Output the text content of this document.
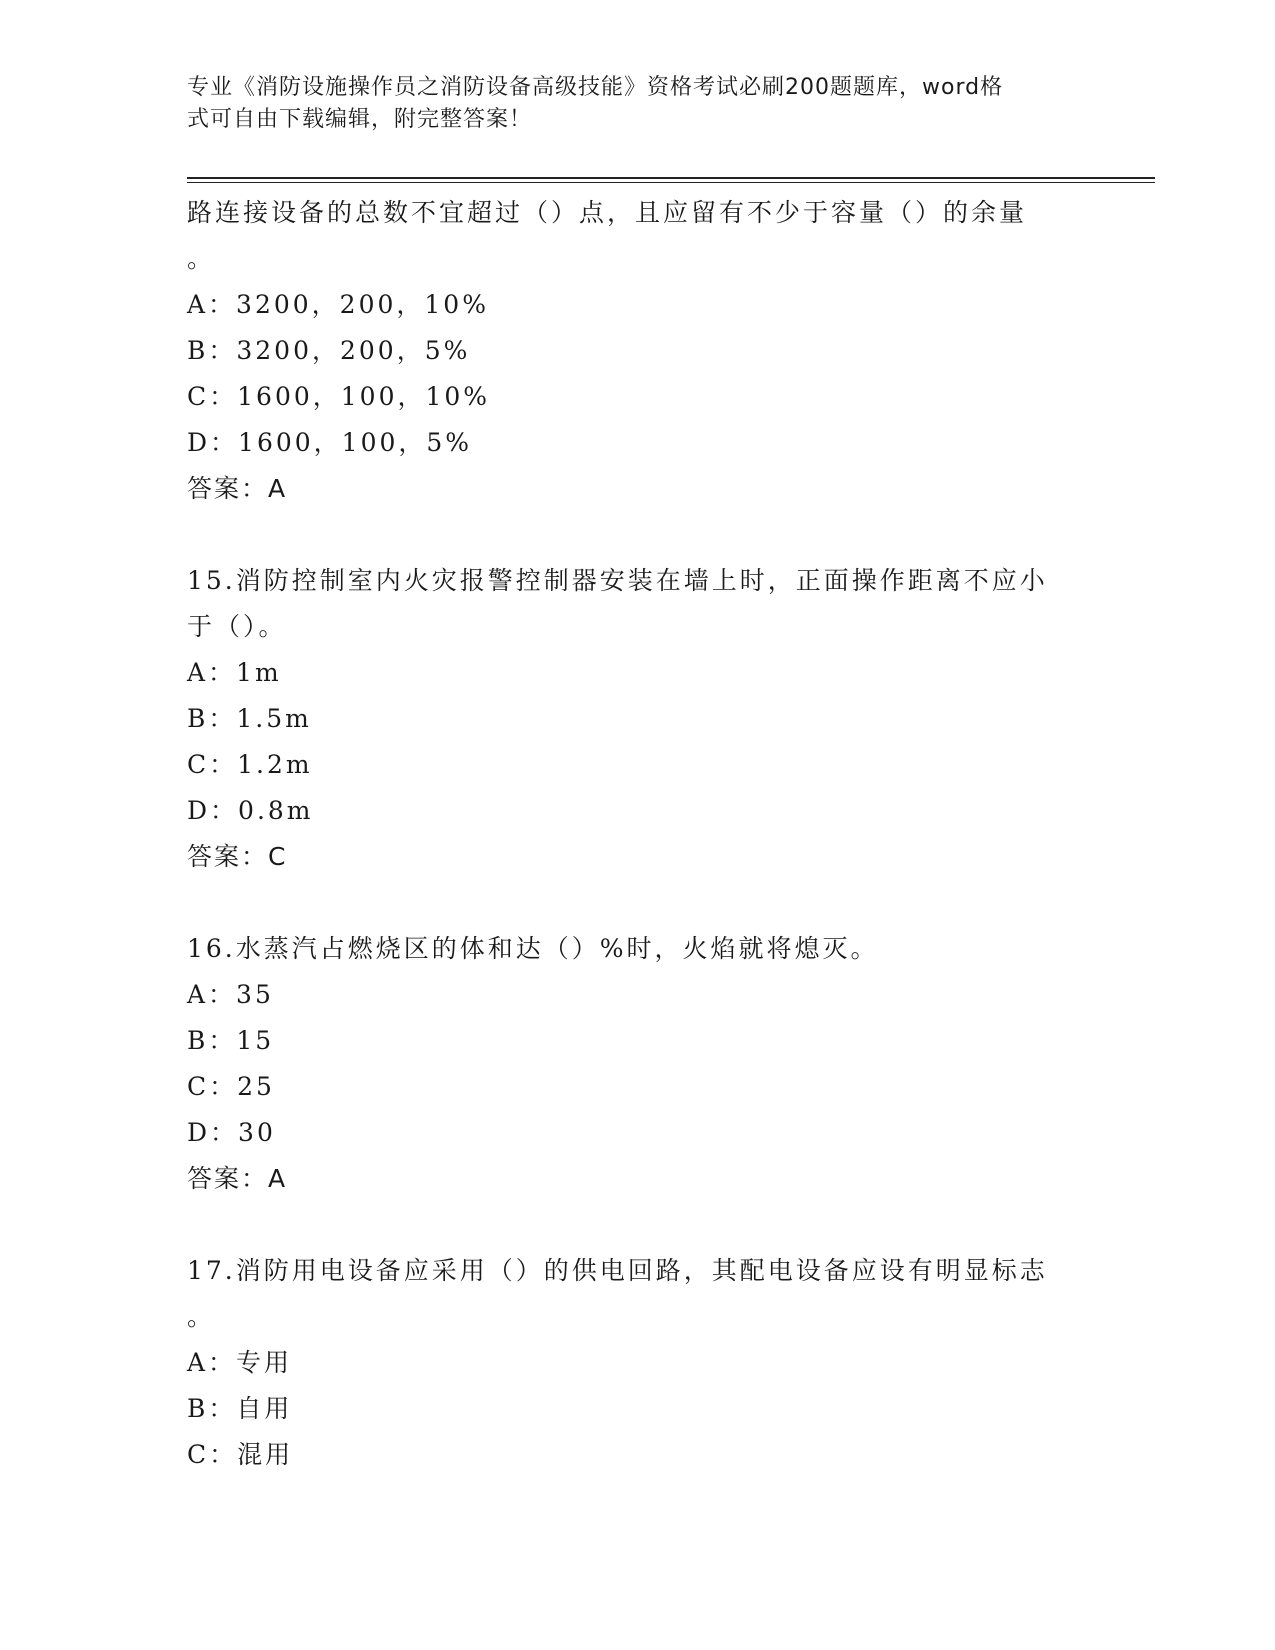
专业《消防设施操作员之消防设备高级技能》资格考试必刷200题题库，word格
式可自由下载编辑，附完整答案！
路连接设备的总数不宜超过（）点，且应留有不少于容量（）的余量
。
A：3200，200，10%
B：3200，200，5%
C：1600，100，10%
D：1600，100，5%
答案：A
15.消防控制室内火灾报警控制器安装在墙上时，正面操作距离不应小
于（）。
A：1m
B：1.5m
C：1.2m
D：0.8m
答案：C
16.水蒸汽占燃烧区的体和达（）%时，火焰就将熄灭。
A：35
B：15
C：25
D：30
答案：A
17.消防用电设备应采用（）的供电回路，其配电设备应设有明显标志
。
A：专用
B：自用
C：混用
